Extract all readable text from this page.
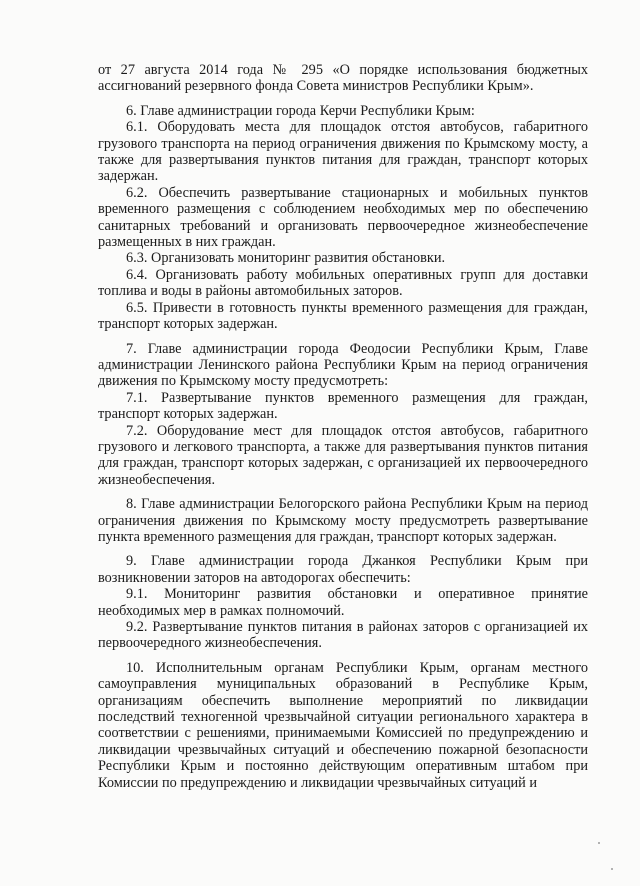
от 27 августа 2014 года № 295 «О порядке использования бюджетных ассигнований резервного фонда Совета министров Республики Крым».

6. Главе администрации города Керчи Республики Крым:

6.1. Оборудовать места для площадок отстоя автобусов, габаритного грузового транспорта на период ограничения движения по Крымскому мосту, а также для развертывания пунктов питания для граждан, транспорт которых задержан.

6.2. Обеспечить развертывание стационарных и мобильных пунктов временного размещения с соблюдением необходимых мер по обеспечению санитарных требований и организовать первоочередное жизнеобеспечение размещенных в них граждан.

6.3. Организовать мониторинг развития обстановки.

6.4. Организовать работу мобильных оперативных групп для доставки топлива и воды в районы автомобильных заторов.

6.5. Привести в готовность пункты временного размещения для граждан, транспорт которых задержан.

7. Главе администрации города Феодосии Республики Крым, Главе администрации Ленинского района Республики Крым на период ограничения движения по Крымскому мосту предусмотреть:

7.1. Развертывание пунктов временного размещения для граждан, транспорт которых задержан.

7.2. Оборудование мест для площадок отстоя автобусов, габаритного грузового и легкового транспорта, а также для развертывания пунктов питания для граждан, транспорт которых задержан, с организацией их первоочередного жизнеобеспечения.

8. Главе администрации Белогорского района Республики Крым на период ограничения движения по Крымскому мосту предусмотреть развертывание пункта временного размещения для граждан, транспорт которых задержан.

9. Главе администрации города Джанкоя Республики Крым при возникновении заторов на автодорогах обеспечить:

9.1. Мониторинг развития обстановки и оперативное принятие необходимых мер в рамках полномочий.

9.2. Развертывание пунктов питания в районах заторов с организацией их первоочередного жизнеобеспечения.

10. Исполнительным органам Республики Крым, органам местного самоуправления муниципальных образований в Республике Крым, организациям обеспечить выполнение мероприятий по ликвидации последствий техногенной чрезвычайной ситуации регионального характера в соответствии с решениями, принимаемыми Комиссией по предупреждению и ликвидации чрезвычайных ситуаций и обеспечению пожарной безопасности Республики Крым и постоянно действующим оперативным штабом при Комиссии по предупреждению и ликвидации чрезвычайных ситуаций и
